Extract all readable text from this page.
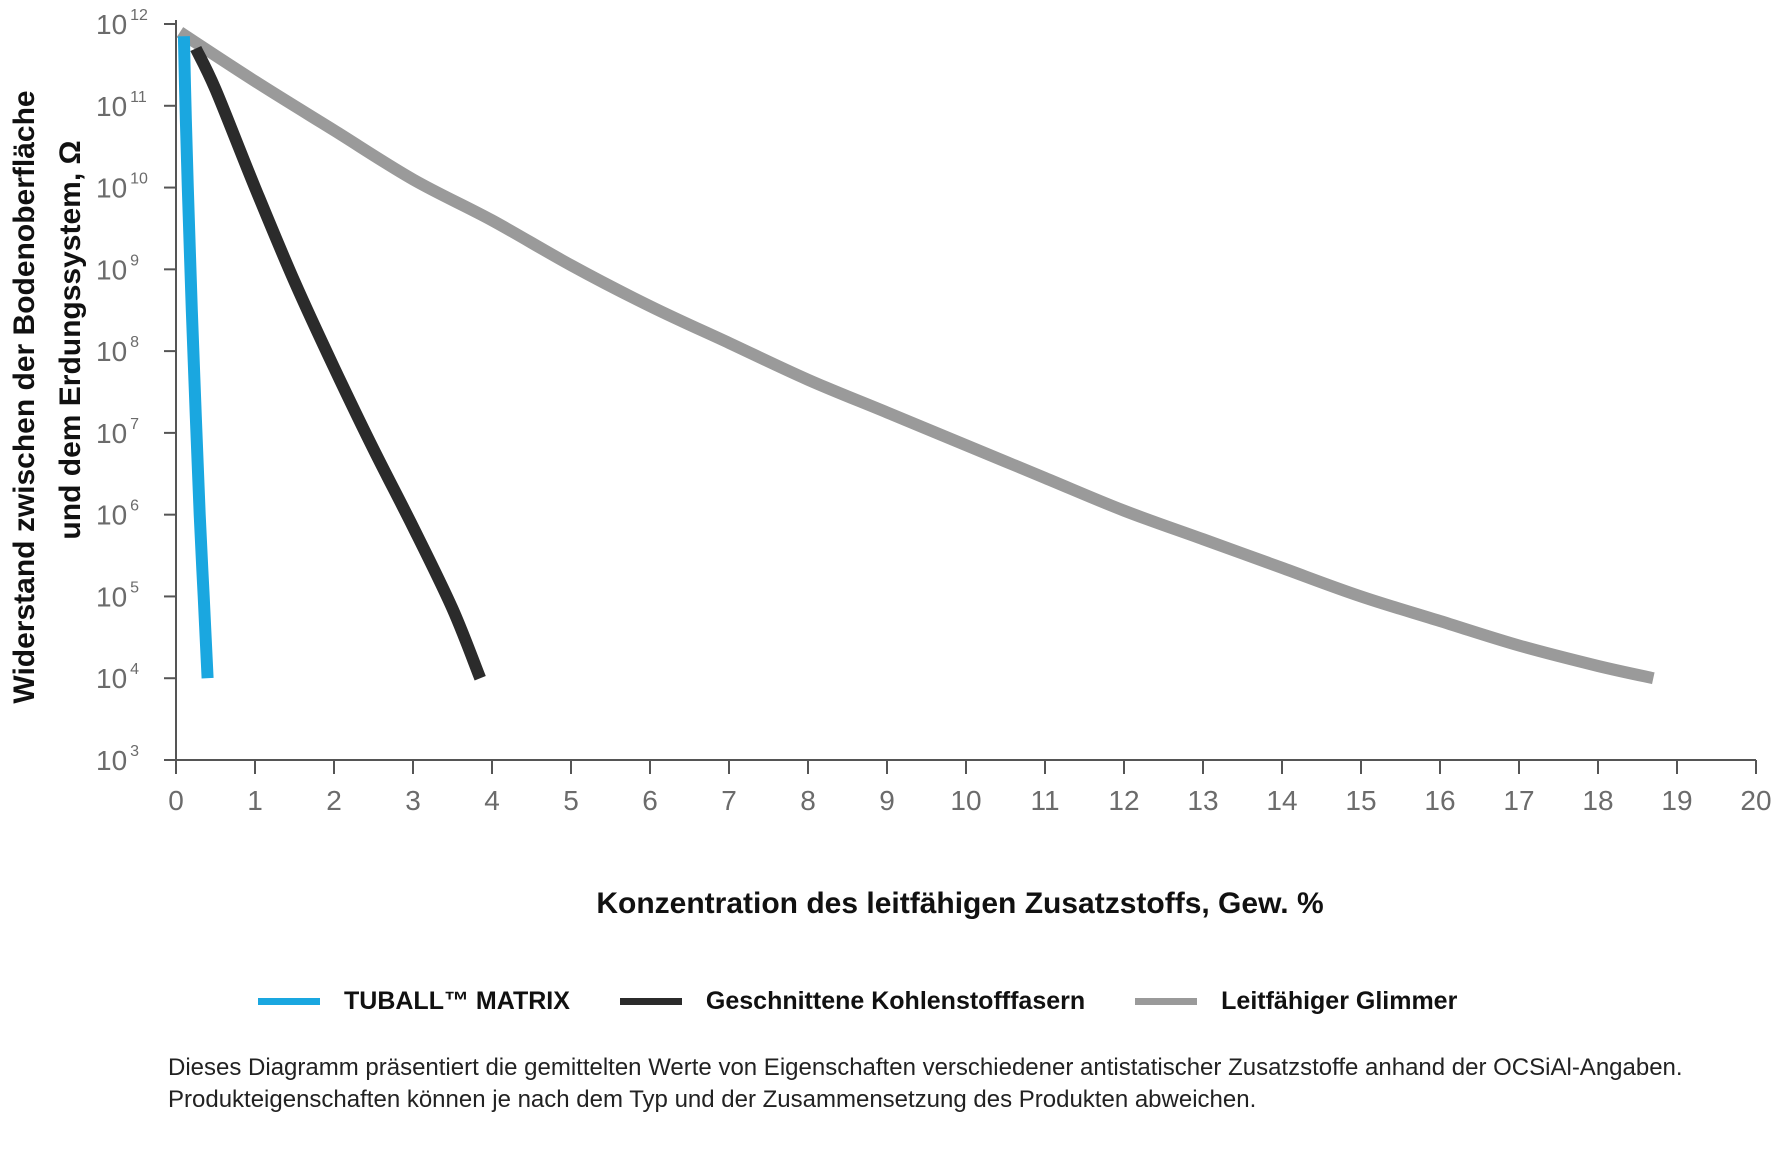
Widerstand zwischen der Bodenoberfläche und dem Erdungssystem, Ω
10 $^3$
10 $^4$
10 $^5$
10 $^6$
10 $^7$
10 $^8$
10 $^9$
10 $^{10}$
10 $^{11}$
10 $^{12}$
0 1 2 3 4 5 6 7 8 9 10 11 12 13 14 15 16 17 18 19 20
Konzentration des leitfähigen Zusatzstoffs, Gew. %
TUBALL™ MATRIX	Geschnittene Kohlenstofffasern	Leitfähiger Glimmer

Dieses Diagramm präsentiert die gemittelten Werte von Eigenschaften verschiedener antistatischer Zusatzstoffe anhand der OCSiAl-Angaben.

Produkteigenschaften können je nach dem Typ und der Zusammensetzung des Produkten abweichen.
